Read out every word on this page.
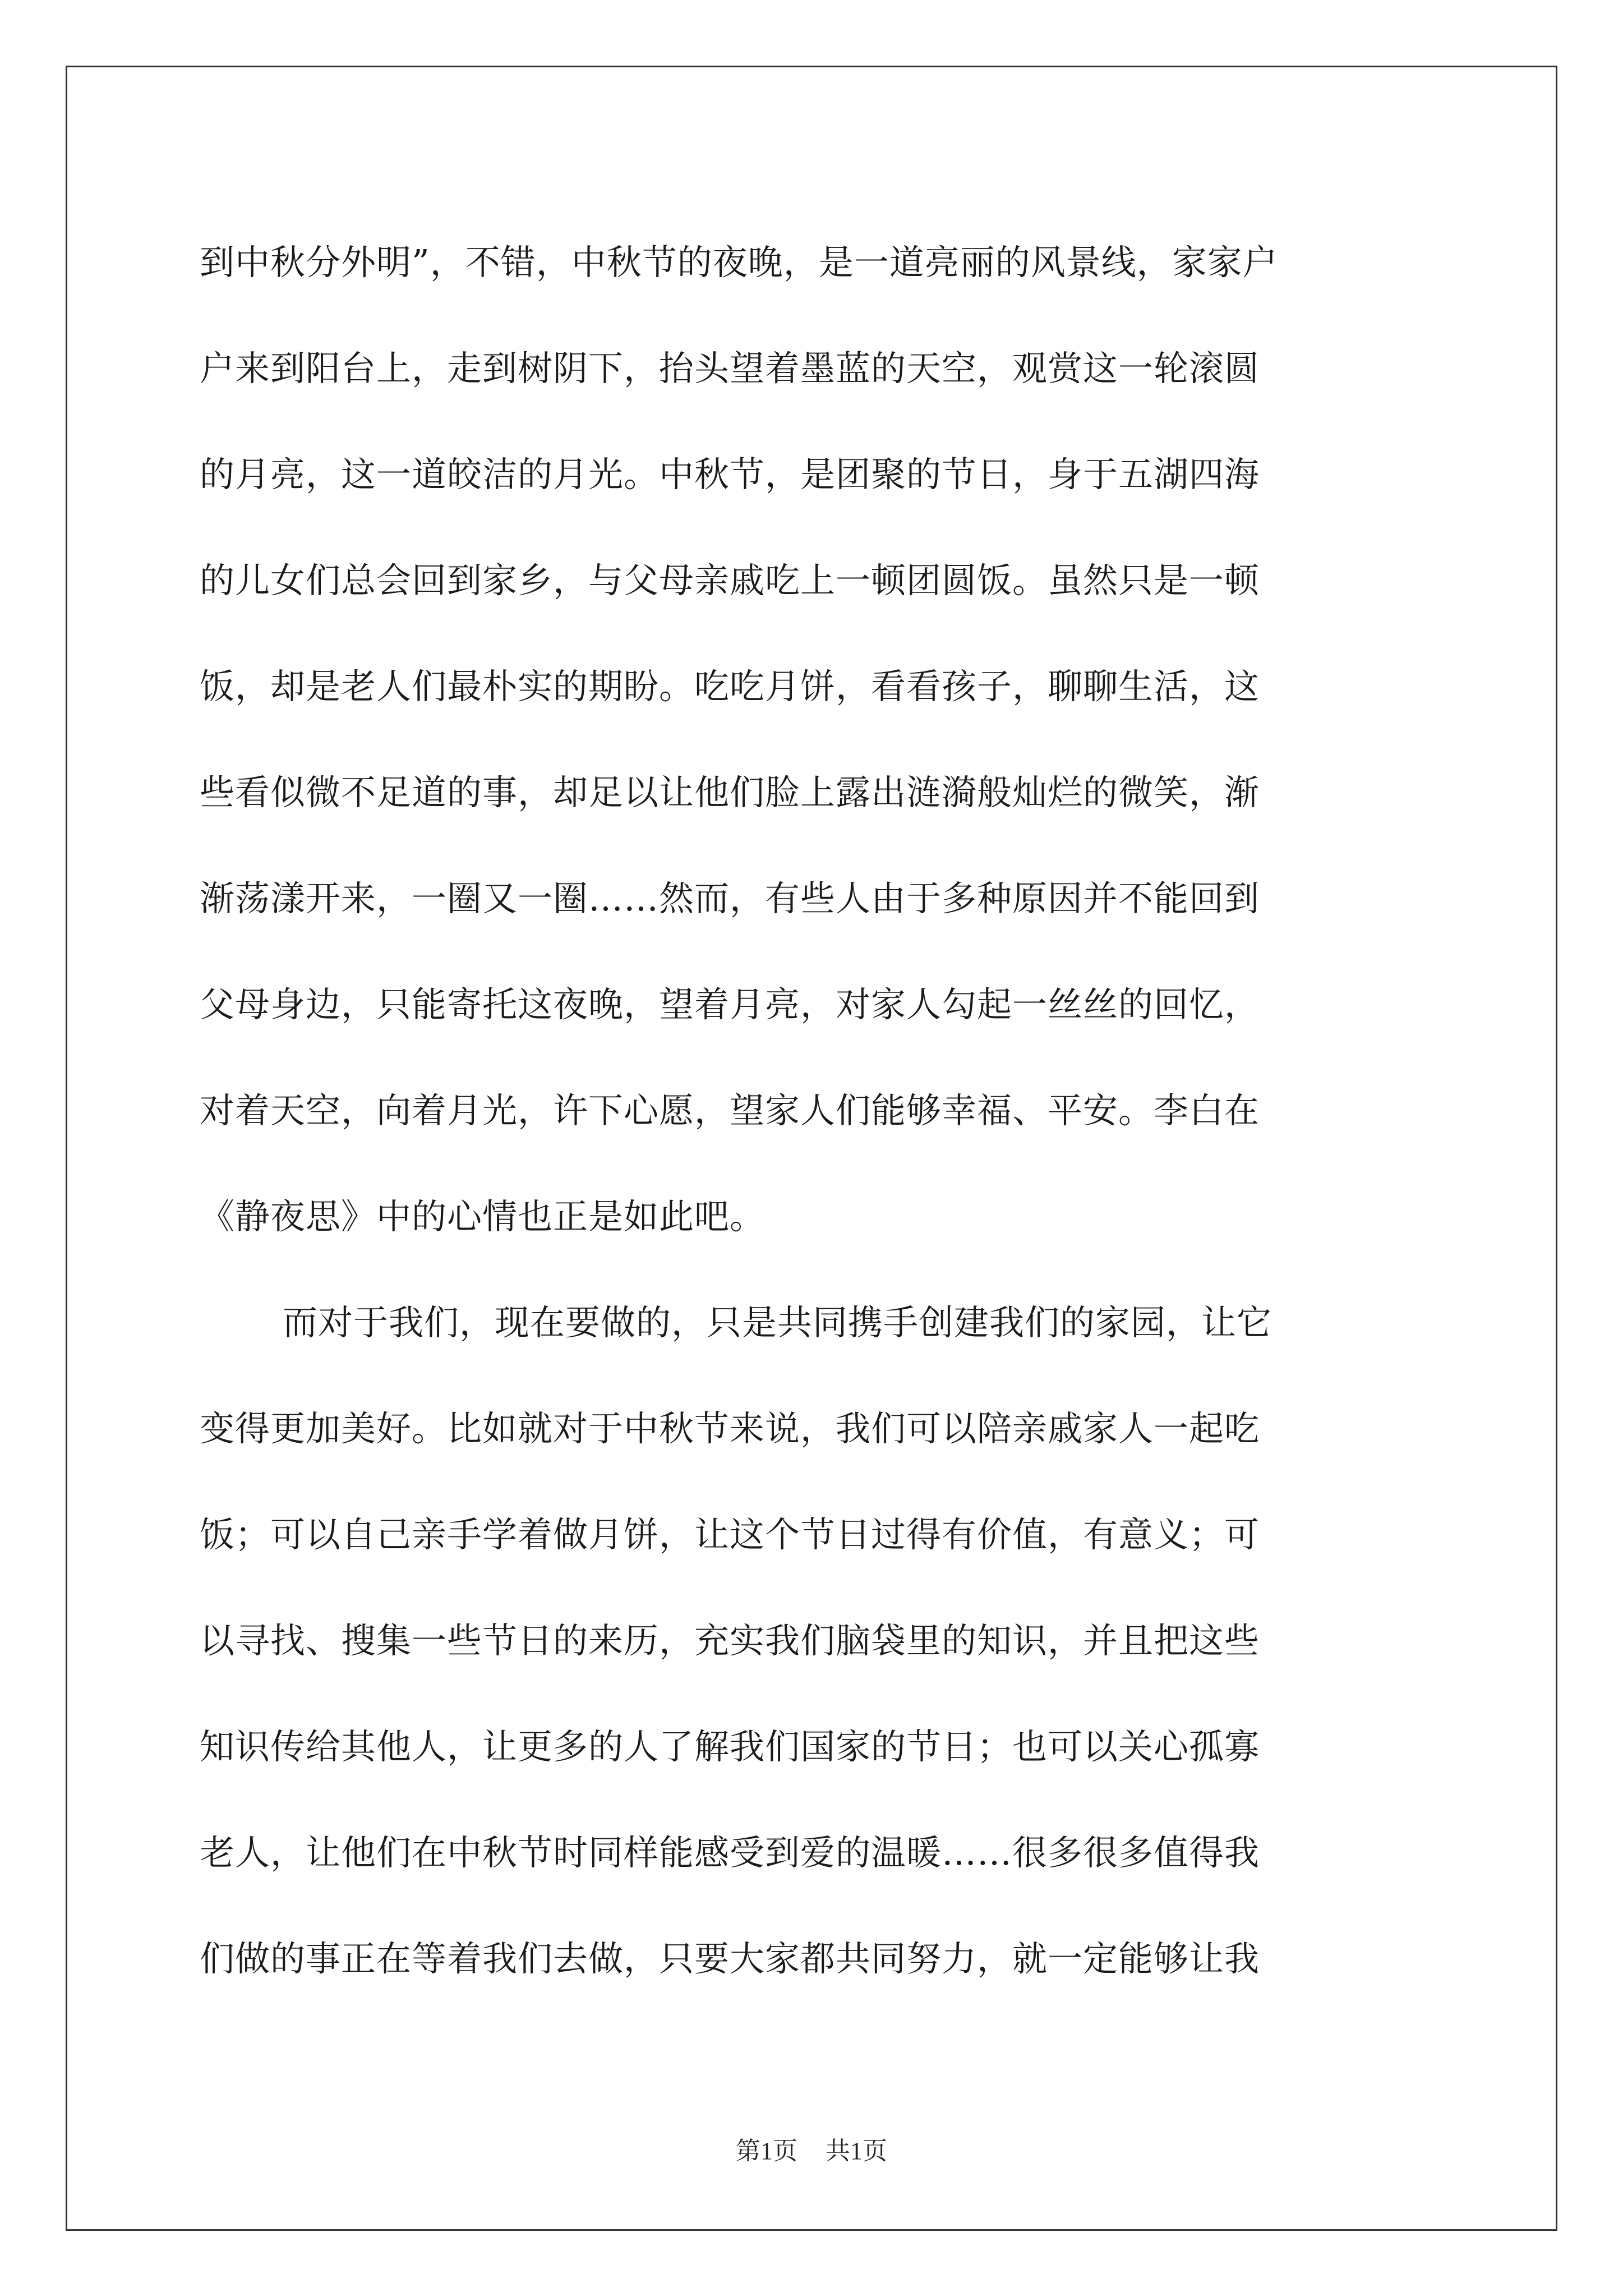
到中秋分外明”，不错，中秋节的夜晚，是一道亮丽的风景线，家家户
户来到阳台上，走到树阴下，抬头望着墨蓝的天空，观赏这一轮滚圆
的月亮，这一道皎洁的月光。中秋节，是团聚的节日，身于五湖四海
的儿女们总会回到家乡，与父母亲戚吃上一顿团圆饭。虽然只是一顿
饭，却是老人们最朴实的期盼。吃吃月饼，看看孩子，聊聊生活，这
些看似微不足道的事，却足以让他们脸上露出涟漪般灿烂的微笑，渐
渐荡漾开来，一圈又一圈……然而，有些人由于多种原因并不能回到
父母身边，只能寄托这夜晚，望着月亮，对家人勾起一丝丝的回忆，
对着天空，向着月光，许下心愿，望家人们能够幸福、平安。李白在
《静夜思》中的心情也正是如此吧。
而对于我们，现在要做的，只是共同携手创建我们的家园，让它
变得更加美好。比如就对于中秋节来说，我们可以陪亲戚家人一起吃
饭；可以自己亲手学着做月饼，让这个节日过得有价值，有意义；可
以寻找、搜集一些节日的来历，充实我们脑袋里的知识，并且把这些
知识传给其他人，让更多的人了解我们国家的节日；也可以关心孤寡
老人，让他们在中秋节时同样能感受到爱的温暖……很多很多值得我
们做的事正在等着我们去做，只要大家都共同努力，就一定能够让我
第1页 共1页
